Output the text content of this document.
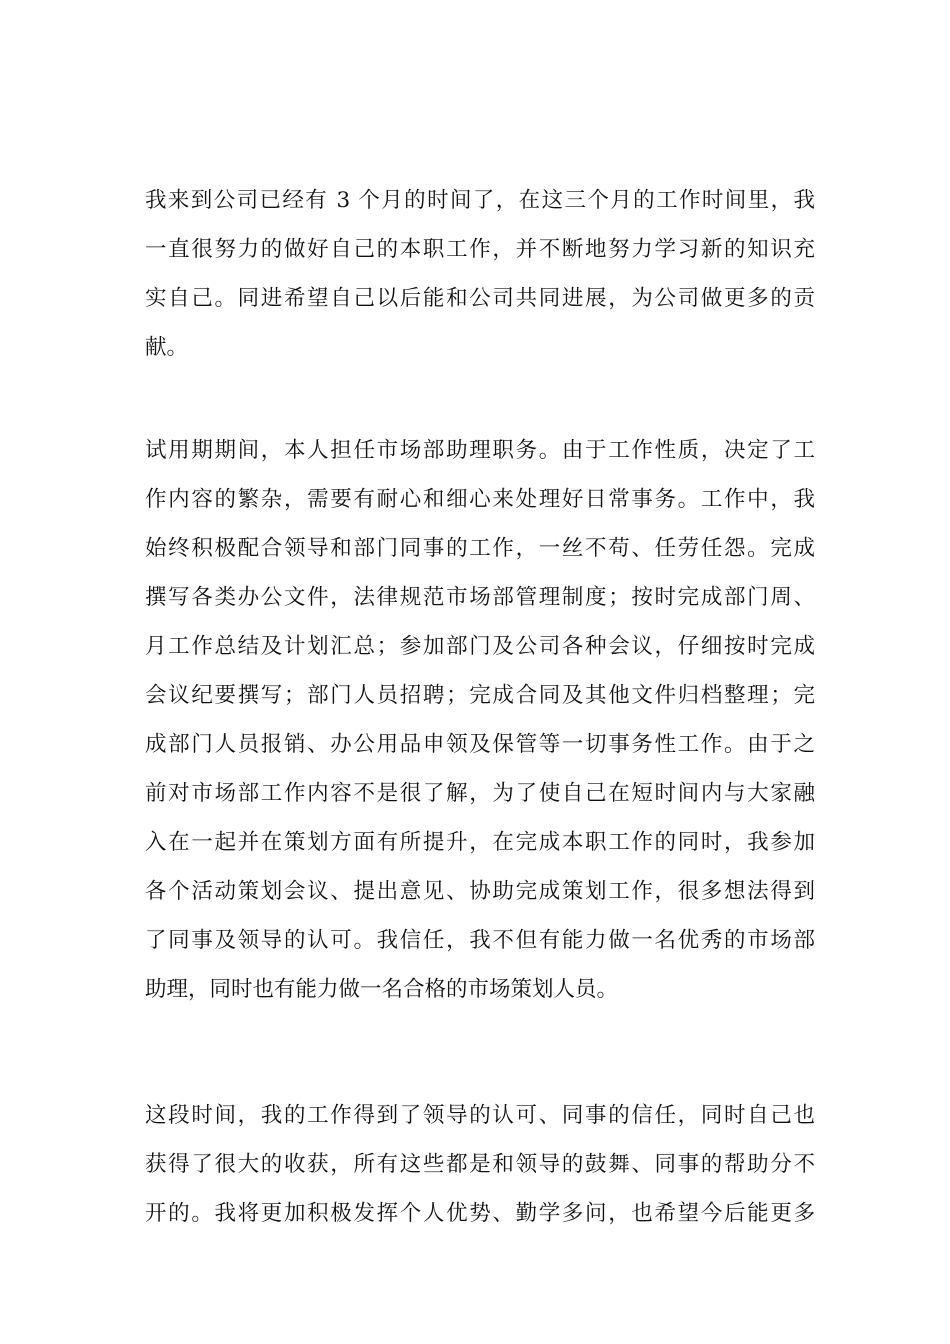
我来到公司已经有 3 个月的时间了，在这三个月的工作时间里，我
一直很努力的做好自己的本职工作，并不断地努力学习新的知识充
实自己。同进希望自己以后能和公司共同进展，为公司做更多的贡
献。
试用期期间，本人担任市场部助理职务。由于工作性质，决定了工
作内容的繁杂，需要有耐心和细心来处理好日常事务。工作中，我
始终积极配合领导和部门同事的工作，一丝不苟、任劳任怨。完成
撰写各类办公文件，法律规范市场部管理制度；按时完成部门周、
月工作总结及计划汇总；参加部门及公司各种会议，仔细按时完成
会议纪要撰写；部门人员招聘；完成合同及其他文件归档整理；完
成部门人员报销、办公用品申领及保管等一切事务性工作。由于之
前对市场部工作内容不是很了解，为了使自己在短时间内与大家融
入在一起并在策划方面有所提升，在完成本职工作的同时，我参加
各个活动策划会议、提出意见、协助完成策划工作，很多想法得到
了同事及领导的认可。我信任，我不但有能力做一名优秀的市场部
助理，同时也有能力做一名合格的市场策划人员。
这段时间，我的工作得到了领导的认可、同事的信任，同时自己也
获得了很大的收获，所有这些都是和领导的鼓舞、同事的帮助分不
开的。我将更加积极发挥个人优势、勤学多问，也希望今后能更多
